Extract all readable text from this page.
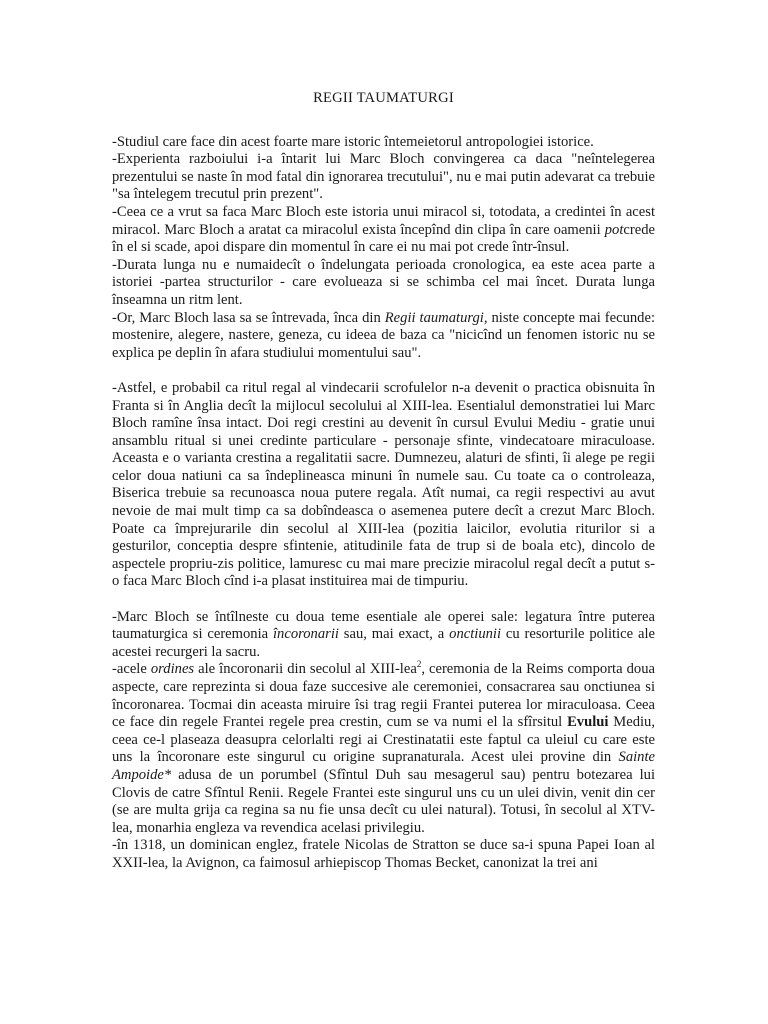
REGII TAUMATURGI

-Studiul care face din acest foarte mare istoric întemeietorul antropologiei istorice.

-Experienta razboiului i-a întarit lui Marc Bloch convingerea ca daca "neîntelegerea prezentului se naste în mod fatal din ignorarea trecutului", nu e mai putin adevarat ca trebuie "sa întelegem trecutul prin prezent".

-Ceea ce a vrut sa faca Marc Bloch este istoria unui miracol si, totodata, a credintei în acest miracol. Marc Bloch a aratat ca miracolul exista începînd din clipa în care oamenii potcrede în el si scade, apoi dispare din momentul în care ei nu mai pot crede într-însul.

-Durata lunga nu e numaidecît o îndelungata perioada cronologica, ea este acea parte a istoriei -partea structurilor - care evolueaza si se schimba cel mai încet. Durata lunga înseamna un ritm lent.

-Or, Marc Bloch lasa sa se întrevada, înca din Regii taumaturgi, niste concepte mai fecunde: mostenire, alegere, nastere, geneza, cu ideea de baza ca "nicicînd un fenomen istoric nu se explica pe deplin în afara studiului momentului sau".

-Astfel, e probabil ca ritul regal al vindecarii scrofulelor n-a devenit o practica obisnuita în Franta si în Anglia decît la mijlocul secolului al XIII-lea. Esentialul demonstratiei lui Marc Bloch ramîne însa intact. Doi regi crestini au devenit în cursul Evului Mediu - gratie unui ansamblu ritual si unei credinte particulare - personaje sfinte, vindecatoare miraculoase. Aceasta e o varianta crestina a regalitatii sacre. Dumnezeu, alaturi de sfinti, îi alege pe regii celor doua natiuni ca sa îndeplineasca minuni în numele sau. Cu toate ca o controleaza, Biserica trebuie sa recunoasca noua putere regala. Atît numai, ca regii respectivi au avut nevoie de mai mult timp ca sa dobîndeasca o asemenea putere decît a crezut Marc Bloch. Poate ca împrejurarile din secolul al XIII-lea (pozitia laicilor, evolutia riturilor si a gesturilor, conceptia despre sfintenie, atitudinile fata de trup si de boala etc), dincolo de aspectele propriu-zis politice, lamuresc cu mai mare precizie miracolul regal decît a putut s-o faca Marc Bloch cînd i-a plasat instituirea mai de timpuriu.

-Marc Bloch se întîlneste cu doua teme esentiale ale operei sale: legatura între puterea taumaturgica si ceremonia încoronarii sau, mai exact, a onctiunii cu resorturile politice ale acestei recurgeri la sacru.

-acele ordines ale încoronarii din secolul al XIII-lea$^2$, ceremonia de la Reims comporta doua aspecte, care reprezinta si doua faze succesive ale ceremoniei, consacrarea sau onctiunea si încoronarea. Tocmai din aceasta miruire îsi trag regii Frantei puterea lor miraculoasa. Ceea ce face din regele Frantei regele prea crestin, cum se va numi el la sfîrsitul Evului Mediu, ceea ce-l plaseaza deasupra celorlalti regi ai Crestinatatii este faptul ca uleiul cu care este uns la încoronare este singurul cu origine supranaturala. Acest ulei provine din Sainte Ampoide* adusa de un porumbel (Sfîntul Duh sau mesagerul sau) pentru botezarea lui Clovis de catre Sfîntul Renii. Regele Frantei este singurul uns cu un ulei divin, venit din cer (se are multa grija ca regina sa nu fie unsa decît cu ulei natural). Totusi, în secolul al XTV-lea, monarhia engleza va revendica acelasi privilegiu.

-în 1318, un dominican englez, fratele Nicolas de Stratton se duce sa-i spuna Papei Ioan al XXII-lea, la Avignon, ca faimosul arhiepiscop Thomas Becket, canonizat la trei ani
